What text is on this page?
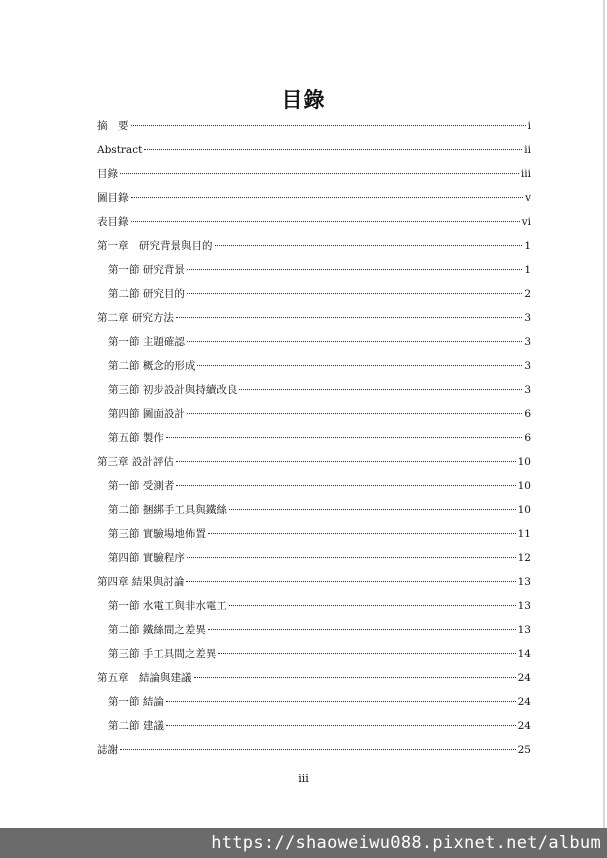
目錄
摘　要	i
Abstract	ii
目錄	iii
圖目錄	v
表目錄	vi
第一章　研究背景與目的	1
第一節 研究背景	1
第二節 研究目的	2
第二章 研究方法	3
第一節 主題確認	3
第二節 概念的形成	3
第三節 初步設計與持續改良	3
第四節 圖面設計	6
第五節 製作	6
第三章 設計評估	10
第一節 受測者	10
第二節 捆綁手工具與鐵絲	10
第三節 實驗場地佈置	11
第四節 實驗程序	12
第四章 結果與討論	13
第一節 水電工與非水電工	13
第二節 鐵絲間之差異	13
第三節 手工具間之差異	14
第五章　結論與建議	24
第一節 結論	24
第二節 建議	24
誌謝	25
iii
https://shaoweiwu088.pixnet.net/album
